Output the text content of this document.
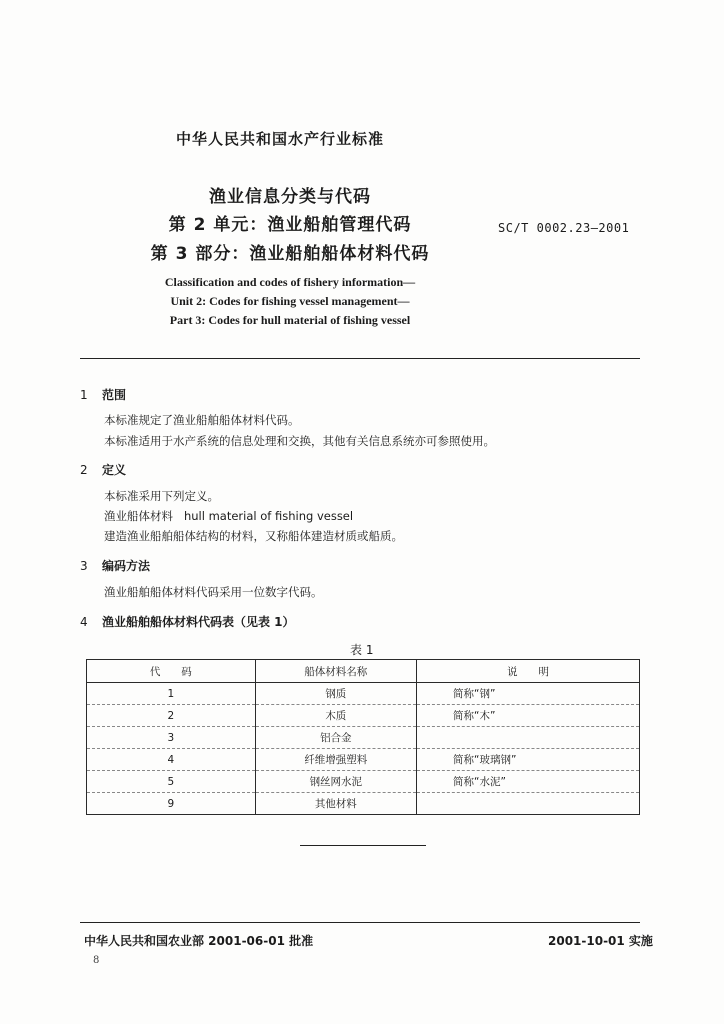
中华人民共和国水产行业标准
渔业信息分类与代码
第 2 单元：渔业船舶管理代码
第 3 部分：渔业船舶船体材料代码
SC/T 0002.23—2001
Classification and codes of fishery information—
Unit 2: Codes for fishing vessel management—
Part 3: Codes for hull material of fishing vessel
1 范围
本标准规定了渔业船舶船体材料代码。
本标准适用于水产系统的信息处理和交换，其他有关信息系统亦可参照使用。
2 定义
本标准采用下列定义。
渔业船体材料   hull material of fishing vessel
建造渔业船舶船体结构的材料，又称船体建造材质或船质。
3 编码方法
渔业船舶船体材料代码采用一位数字代码。
4 渔业船舶船体材料代码表（见表 1）
表 1
代　　码	船体材料名称	说　　明
1	钢质	简称“钢”
2	木质	简称“木”
3	铝合金	
4	纤维增强塑料	简称“玻璃钢”
5	钢丝网水泥	简称“水泥”
9	其他材料	
中华人民共和国农业部 2001-06-01 批准	2001-10-01 实施
8
